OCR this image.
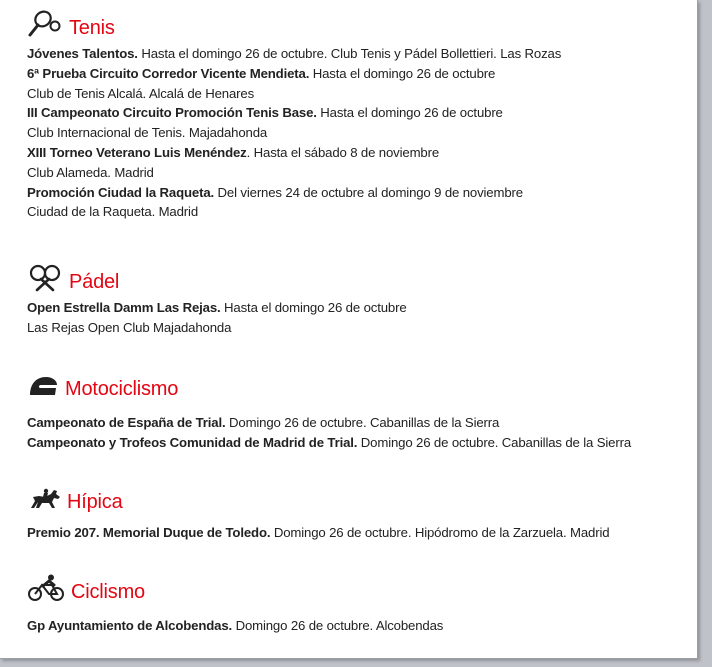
Tenis
Jóvenes Talentos. Hasta el domingo 26 de octubre. Club Tenis y Pádel Bollettieri. Las Rozas
6ª Prueba Circuito Corredor Vicente Mendieta. Hasta el domingo 26 de octubre
Club de Tenis Alcalá. Alcalá de Henares
III Campeonato Circuito Promoción Tenis Base. Hasta el domingo 26 de octubre
Club Internacional de Tenis. Majadahonda
XIII Torneo Veterano Luis Menéndez. Hasta el sábado 8 de noviembre
Club Alameda. Madrid
Promoción Ciudad la Raqueta. Del viernes 24 de octubre al domingo 9 de noviembre
Ciudad de la Raqueta. Madrid
Pádel
Open Estrella Damm Las Rejas. Hasta el domingo 26 de octubre
Las Rejas Open Club Majadahonda
Motociclismo
Campeonato de España de Trial. Domingo 26 de octubre. Cabanillas de la Sierra
Campeonato y Trofeos Comunidad de Madrid de Trial. Domingo 26 de octubre. Cabanillas de la Sierra
Hípica
Premio 207. Memorial Duque de Toledo. Domingo 26 de octubre. Hipódromo de la Zarzuela. Madrid
Ciclismo
Gp Ayuntamiento de Alcobendas. Domingo 26 de octubre. Alcobendas
